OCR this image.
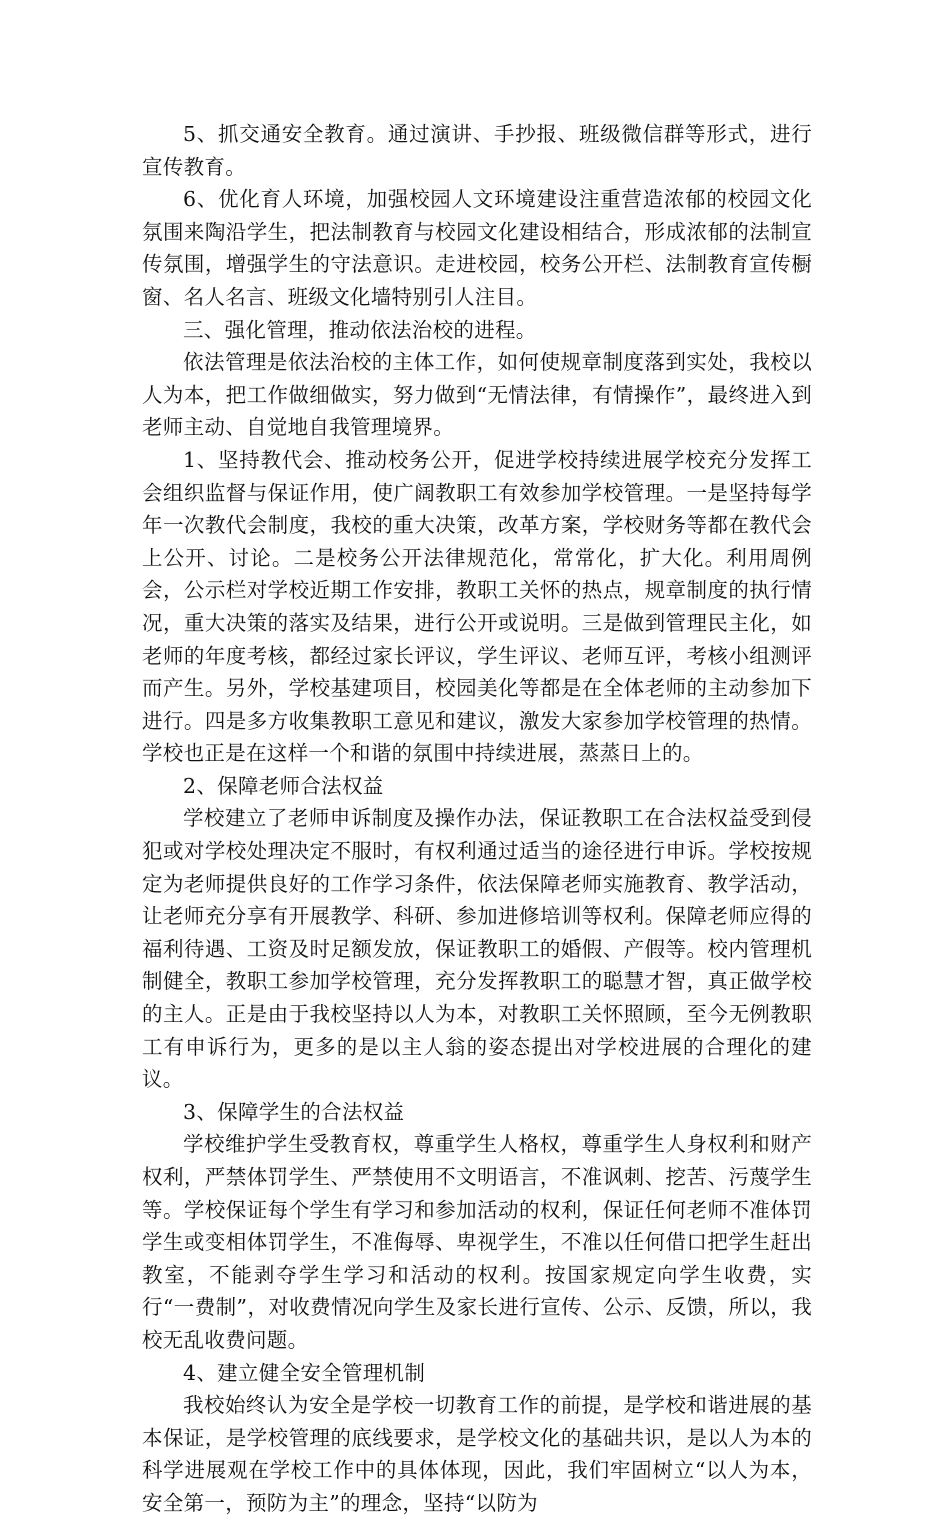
5、抓交通安全教育。通过演讲、手抄报、班级微信群等形式，进行宣传教育。

6、优化育人环境，加强校园人文环境建设注重营造浓郁的校园文化氛围来陶沿学生，把法制教育与校园文化建设相结合，形成浓郁的法制宣传氛围，增强学生的守法意识。走进校园，校务公开栏、法制教育宣传橱窗、名人名言、班级文化墙特别引人注目。

三、强化管理，推动依法治校的进程。

依法管理是依法治校的主体工作，如何使规章制度落到实处，我校以人为本，把工作做细做实，努力做到“无情法律，有情操作”，最终进入到老师主动、自觉地自我管理境界。

1、坚持教代会、推动校务公开，促进学校持续进展学校充分发挥工会组织监督与保证作用，使广阔教职工有效参加学校管理。一是坚持每学年一次教代会制度，我校的重大决策，改革方案，学校财务等都在教代会上公开、讨论。二是校务公开法律规范化，常常化，扩大化。利用周例会，公示栏对学校近期工作安排，教职工关怀的热点，规章制度的执行情况，重大决策的落实及结果，进行公开或说明。三是做到管理民主化，如老师的年度考核，都经过家长评议，学生评议、老师互评，考核小组测评而产生。另外，学校基建项目，校园美化等都是在全体老师的主动参加下进行。四是多方收集教职工意见和建议，激发大家参加学校管理的热情。学校也正是在这样一个和谐的氛围中持续进展，蒸蒸日上的。

2、保障老师合法权益

学校建立了老师申诉制度及操作办法，保证教职工在合法权益受到侵犯或对学校处理决定不服时，有权利通过适当的途径进行申诉。学校按规定为老师提供良好的工作学习条件，依法保障老师实施教育、教学活动，让老师充分享有开展教学、科研、参加进修培训等权利。保障老师应得的福利待遇、工资及时足额发放，保证教职工的婚假、产假等。校内管理机制健全，教职工参加学校管理，充分发挥教职工的聪慧才智，真正做学校的主人。正是由于我校坚持以人为本，对教职工关怀照顾，至今无例教职工有申诉行为，更多的是以主人翁的姿态提出对学校进展的合理化的建议。

3、保障学生的合法权益

学校维护学生受教育权，尊重学生人格权，尊重学生人身权利和财产权利，严禁体罚学生、严禁使用不文明语言，不准讽刺、挖苦、污蔑学生等。学校保证每个学生有学习和参加活动的权利，保证任何老师不准体罚学生或变相体罚学生，不准侮辱、卑视学生，不准以任何借口把学生赶出教室，不能剥夺学生学习和活动的权利。按国家规定向学生收费，实行“一费制”，对收费情况向学生及家长进行宣传、公示、反馈，所以，我校无乱收费问题。

4、建立健全安全管理机制

我校始终认为安全是学校一切教育工作的前提，是学校和谐进展的基本保证，是学校管理的底线要求，是学校文化的基础共识，是以人为本的科学进展观在学校工作中的具体体现，因此，我们牢固树立“以人为本，安全第一，预防为主”的理念，坚持“以防为
